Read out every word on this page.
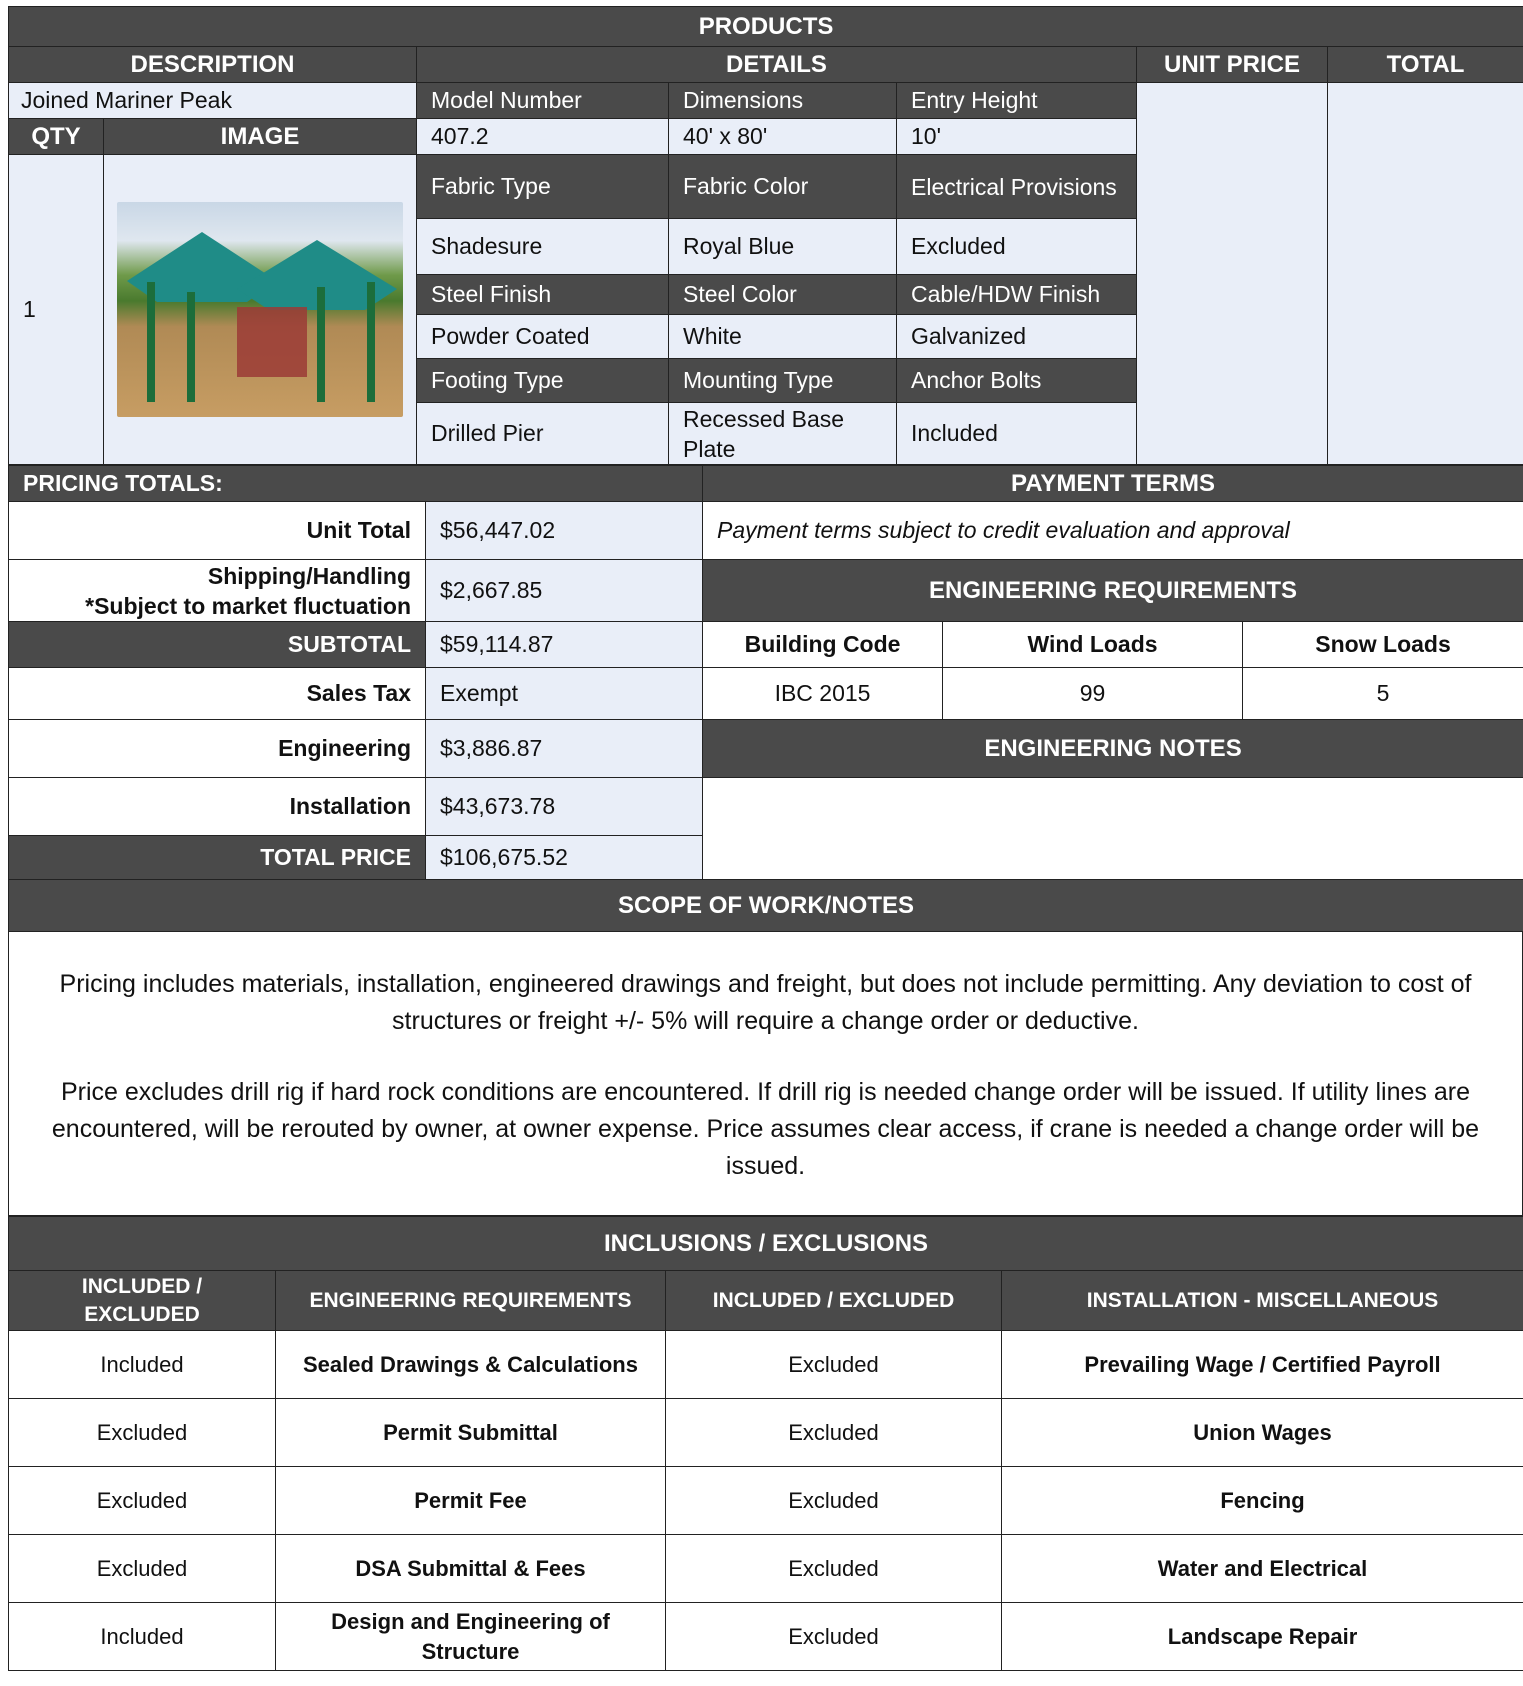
PRODUCTS						
DESCRIPTION		DETAILS			UNIT PRICE	TOTAL
Joined Mariner Peak		Model Number	Dimensions	Entry Height		
QTY	IMAGE	407.2	40' x 80'	10'		
1		Fabric Type	Fabric Color	Electrical Provisions		
		Shadesure	Royal Blue	Excluded		
		Steel Finish	Steel Color	Cable/HDW Finish		
		Powder Coated	White	Galvanized		
		Footing Type	Mounting Type	Anchor Bolts		
		Drilled Pier	Recessed Base Plate	Included		
PRICING TOTALS:		PAYMENT TERMS		
Unit Total	$56,447.02	Payment terms subject to credit evaluation and approval		

Shipping/Handling
*Subject to market fluctuation	$2,667.85	ENGINEERING REQUIREMENTS		
SUBTOTAL	$59,114.87	Building Code	Wind Loads	Snow Loads
Sales Tax	Exempt	IBC 2015	99	5
Engineering	$3,886.87	ENGINEERING NOTES		
Installation	$43,673.78			
TOTAL PRICE	$106,675.52			
SCOPE OF WORK/NOTES				

Pricing includes materials, installation, engineered drawings and freight, but does not include permitting. Any deviation to cost of structures or freight +/- 5% will require a change order or deductive.

Price excludes drill rig if hard rock conditions are encountered. If drill rig is needed change order will be issued. If utility lines are encountered, will be rerouted by owner, at owner expense. Price assumes clear access, if crane is needed a change order will be issued.

INCLUSIONS / EXCLUSIONS			
INCLUDED / EXCLUDED	ENGINEERING REQUIREMENTS	INCLUDED / EXCLUDED	INSTALLATION - MISCELLANEOUS
Included	Sealed Drawings & Calculations	Excluded	Prevailing Wage / Certified Payroll
Excluded	Permit Submittal	Excluded	Union Wages
Excluded	Permit Fee	Excluded	Fencing
Excluded	DSA Submittal & Fees	Excluded	Water and Electrical
Included	Design and Engineering of Structure	Excluded	Landscape Repair
